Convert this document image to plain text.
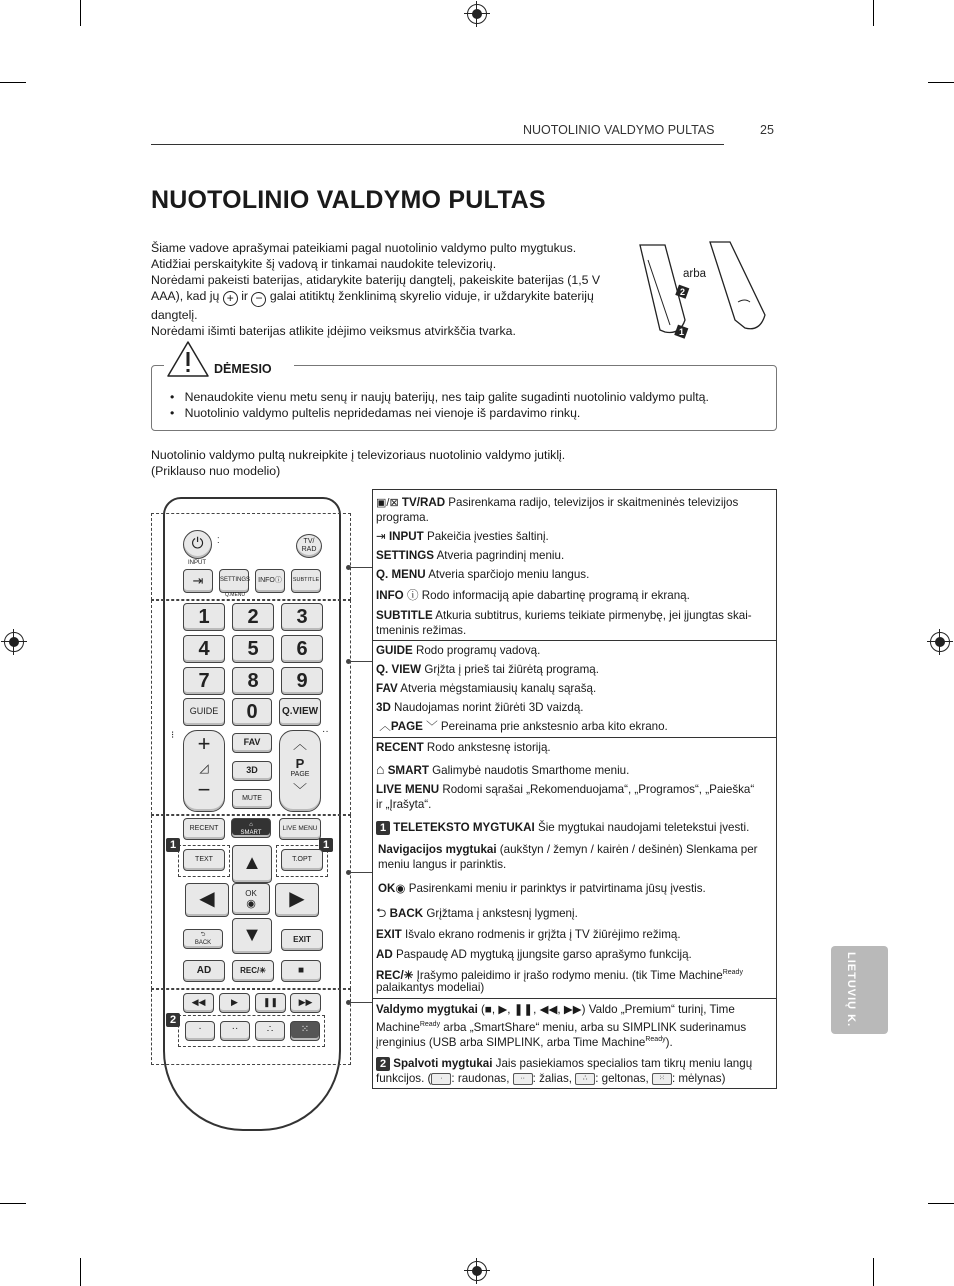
NUOTOLINIO VALDYMO PULTAS	25
NUOTOLINIO VALDYMO PULTAS
Šiame vadove aprašymai pateikiami pagal nuotolinio valdymo pulto mygtukus.
Atidžiai perskaitykite šį vadovą ir tinkamai naudokite televizorių.
Norėdami pakeisti baterijas, atidarykite baterijų dangtelį, pakeiskite baterijas (1,5 V
AAA), kad jų + ir − galai atitiktų ženklinimą skyrelio viduje, ir uždarykite baterijų
dangtelį.
Norėdami išimti baterijas atlikite įdėjimo veiksmus atvirkščia tvarka.
2
1
arba
DĖMESIO
•   Nenaudokite vienu metu senų ir naujų baterijų, nes taip galite sugadinti nuotolinio valdymo pultą.
•   Nuotolinio valdymo pultelis nepridedamas nei vienoje iš pardavimo rinkų.
Nuotolinio valdymo pultą nukreipkite į televizoriaus nuotolinio valdymo jutiklį.
(Priklauso nuo modelio)
⏻	⁚	TV/
RAD
INPUT
⇥	SETTINGS
Q.MENU
INFOⓘ	SUBTITLE
1	2	3
4	5	6
7	8	9
GUIDE	0	Q.VIEW
+
◿
−
⁝	··
FAV
3D
MUTE
︿
P
PAGE
﹀
RECENT	⌂
SMART
LIVE MENU
1	1
TEXT	T.OPT
▲
◀	OK
◉	▶
▼
⮌
BACK	EXIT
AD	REC/✳	■
◀◀	▶	❚❚	▶▶
2
·	··	∴	⁙
▣/⊠ TV/RAD Pasirenkama radijo, televizijos ir skaitmeninės televizijos
programa.
⇥ INPUT Pakeičia įvesties šaltinį.
SETTINGS Atveria pagrindinį meniu.
Q. MENU Atveria sparčiojo meniu langus.
INFO ⓘ Rodo informaciją apie dabartinę programą ir ekraną.
SUBTITLE Atkuria subtitrus, kuriems teikiate pirmenybę, jei įjungtas skai-
tmeninis režimas.
GUIDE Rodo programų vadovą.
Q. VIEW Grįžta į prieš tai žiūrėtą programą.
FAV Atveria mėgstamiausių kanalų sąrašą.
3D Naudojamas norint žiūrėti 3D vaizdą.
︿PAGE ﹀ Pereinama prie ankstesnio arba kito ekrano.
RECENT Rodo ankstesnę istoriją.
⌂ SMART Galimybė naudotis Smarthome meniu.
LIVE MENU Rodomi sąrašai „Rekomenduojama“, „Programos“, „Paieška“
ir „Įrašyta“.
1 TELETEKSTO MYGTUKAI Šie mygtukai naudojami teletekstui įvesti.
Navigacijos mygtukai (aukštyn / žemyn / kairėn / dešinėn) Slenkama per
meniu langus ir parinktis.
OK◉ Pasirenkami meniu ir parinktys ir patvirtinama jūsų įvestis.
⮌ BACK Grįžtama į ankstesnį lygmenį.
EXIT Išvalo ekrano rodmenis ir grįžta į TV žiūrėjimo režimą.
AD Paspaudę AD mygtuką įjungsite garso aprašymo funkciją.
REC/✳ Įrašymo paleidimo ir įrašo rodymo meniu. (tik Time Machine$^{Ready}$
palaikantys modeliai)
Valdymo mygtukai (■, ▶, ❚❚, ◀◀, ▶▶) Valdo „Premium“ turinį, Time
Machine$^{Ready}$ arba „SmartShare“ meniu, arba su SIMPLINK suderinamus
įrenginius (USB arba SIMPLINK, arba Time Machine$^{Ready}$).
2 Spalvoti mygtukai Jais pasiekiamos specialios tam tikrų meniu langų
funkcijos. ( · : raudonas, ·· : žalias, ∴ : geltonas, ⁙ : mėlynas)
LIETUVIŲ K.
